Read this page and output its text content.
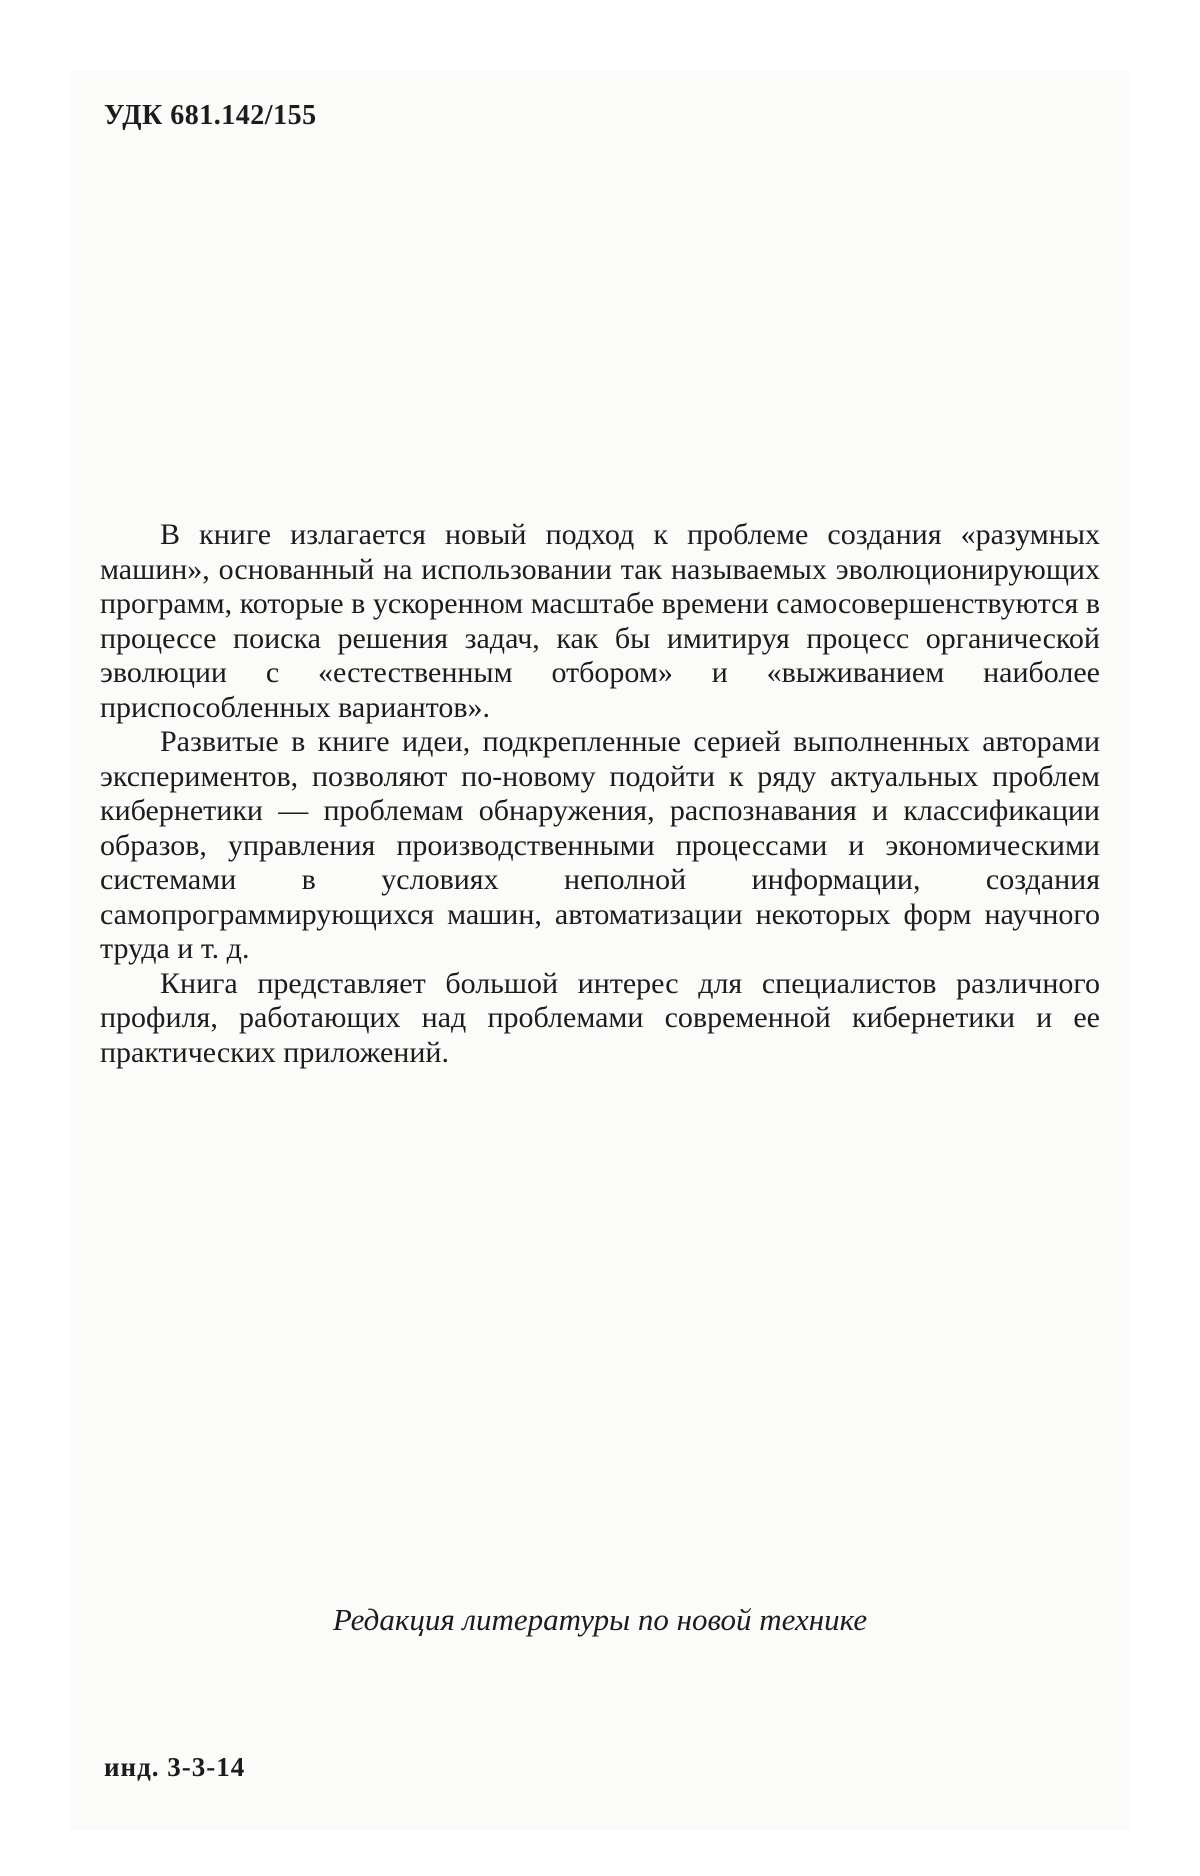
УДК 681.142/155

В книге излагается новый подход к проблеме создания «разумных машин», основанный на использовании так называемых эволюционирующих программ, которые в ускоренном масштабе времени самосовершенствуются в процессе поиска решения задач, как бы имитируя процесс органической эволюции с «естественным отбором» и «выживанием наиболее приспособленных вариантов».

Развитые в книге идеи, подкрепленные серией выполненных авторами экспериментов, позволяют по-новому подойти к ряду актуальных проблем кибернетики — проблемам обнаружения, распознавания и классификации образов, управления производственными процессами и экономическими системами в условиях неполной информации, создания самопрограммирующихся машин, автоматизации некоторых форм научного труда и т. д.

Книга представляет большой интерес для специалистов различного профиля, работающих над проблемами современной кибернетики и ее практических приложений.

Редакция литературы по новой технике

инд. 3-3-14
